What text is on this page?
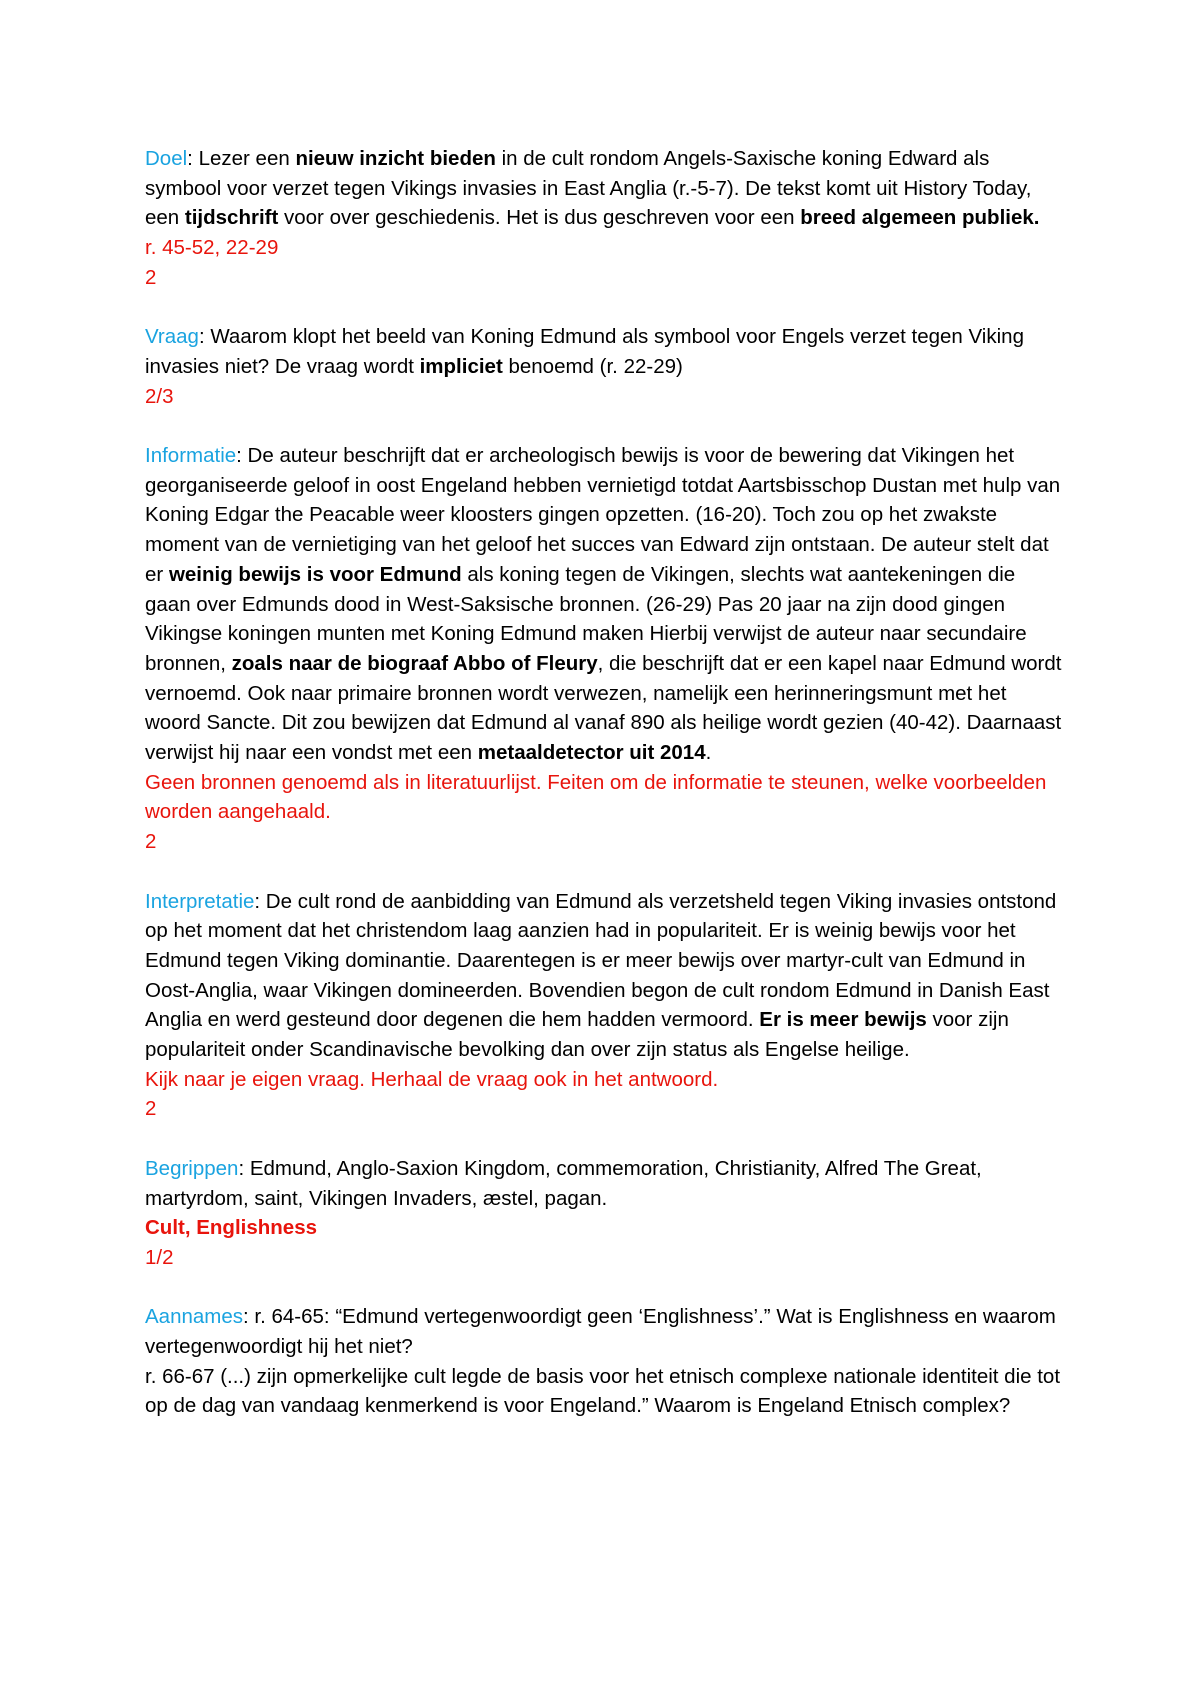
Doel: Lezer een nieuw inzicht bieden in de cult rondom Angels-Saxische koning Edward als symbool voor verzet tegen Vikings invasies in East Anglia (r.-5-7). De tekst komt uit History Today, een tijdschrift voor over geschiedenis. Het is dus geschreven voor een breed algemeen publiek.

r. 45-52, 22-29

2

Vraag: Waarom klopt het beeld van Koning Edmund als symbool voor Engels verzet tegen Viking invasies niet? De vraag wordt impliciet benoemd (r. 22-29)

2/3

Informatie: De auteur beschrijft dat er archeologisch bewijs is voor de bewering dat Vikingen het georganiseerde geloof in oost Engeland hebben vernietigd totdat Aartsbisschop Dustan met hulp van Koning Edgar the Peacable weer kloosters gingen opzetten. (16-20). Toch zou op het zwakste moment van de vernietiging van het geloof het succes van Edward zijn ontstaan. De auteur stelt dat er weinig bewijs is voor Edmund als koning tegen de Vikingen, slechts wat aantekeningen die gaan over Edmunds dood in West-Saksische bronnen. (26-29) Pas 20 jaar na zijn dood gingen Vikingse koningen munten met Koning Edmund maken Hierbij verwijst de auteur naar secundaire bronnen, zoals naar de biograaf Abbo of Fleury, die beschrijft dat er een kapel naar Edmund wordt vernoemd. Ook naar primaire bronnen wordt verwezen, namelijk een herinneringsmunt met het woord Sancte. Dit zou bewijzen dat Edmund al vanaf 890 als heilige wordt gezien (40-42). Daarnaast verwijst hij naar een vondst met een metaaldetector uit 2014.

Geen bronnen genoemd als in literatuurlijst. Feiten om de informatie te steunen, welke voorbeelden worden aangehaald.

2

Interpretatie: De cult rond de aanbidding van Edmund als verzetsheld tegen Viking invasies ontstond op het moment dat het christendom laag aanzien had in populariteit. Er is weinig bewijs voor het Edmund tegen Viking dominantie. Daarentegen is er meer bewijs over martyr-cult van Edmund in Oost-Anglia, waar Vikingen domineerden. Bovendien begon de cult rondom Edmund in Danish East Anglia en werd gesteund door degenen die hem hadden vermoord. Er is meer bewijs voor zijn populariteit onder Scandinavische bevolking dan over zijn status als Engelse heilige.

Kijk naar je eigen vraag. Herhaal de vraag ook in het antwoord.

2

Begrippen: Edmund, Anglo-Saxion Kingdom, commemoration, Christianity, Alfred The Great, martyrdom, saint, Vikingen Invaders, æstel, pagan.

Cult, Englishness

1/2

Aannames: r. 64-65: “Edmund vertegenwoordigt geen ‘Englishness’.” Wat is Englishness en waarom vertegenwoordigt hij het niet?

r. 66-67 (...) zijn opmerkelijke cult legde de basis voor het etnisch complexe nationale identiteit die tot op de dag van vandaag kenmerkend is voor Engeland.” Waarom is Engeland Etnisch complex?
